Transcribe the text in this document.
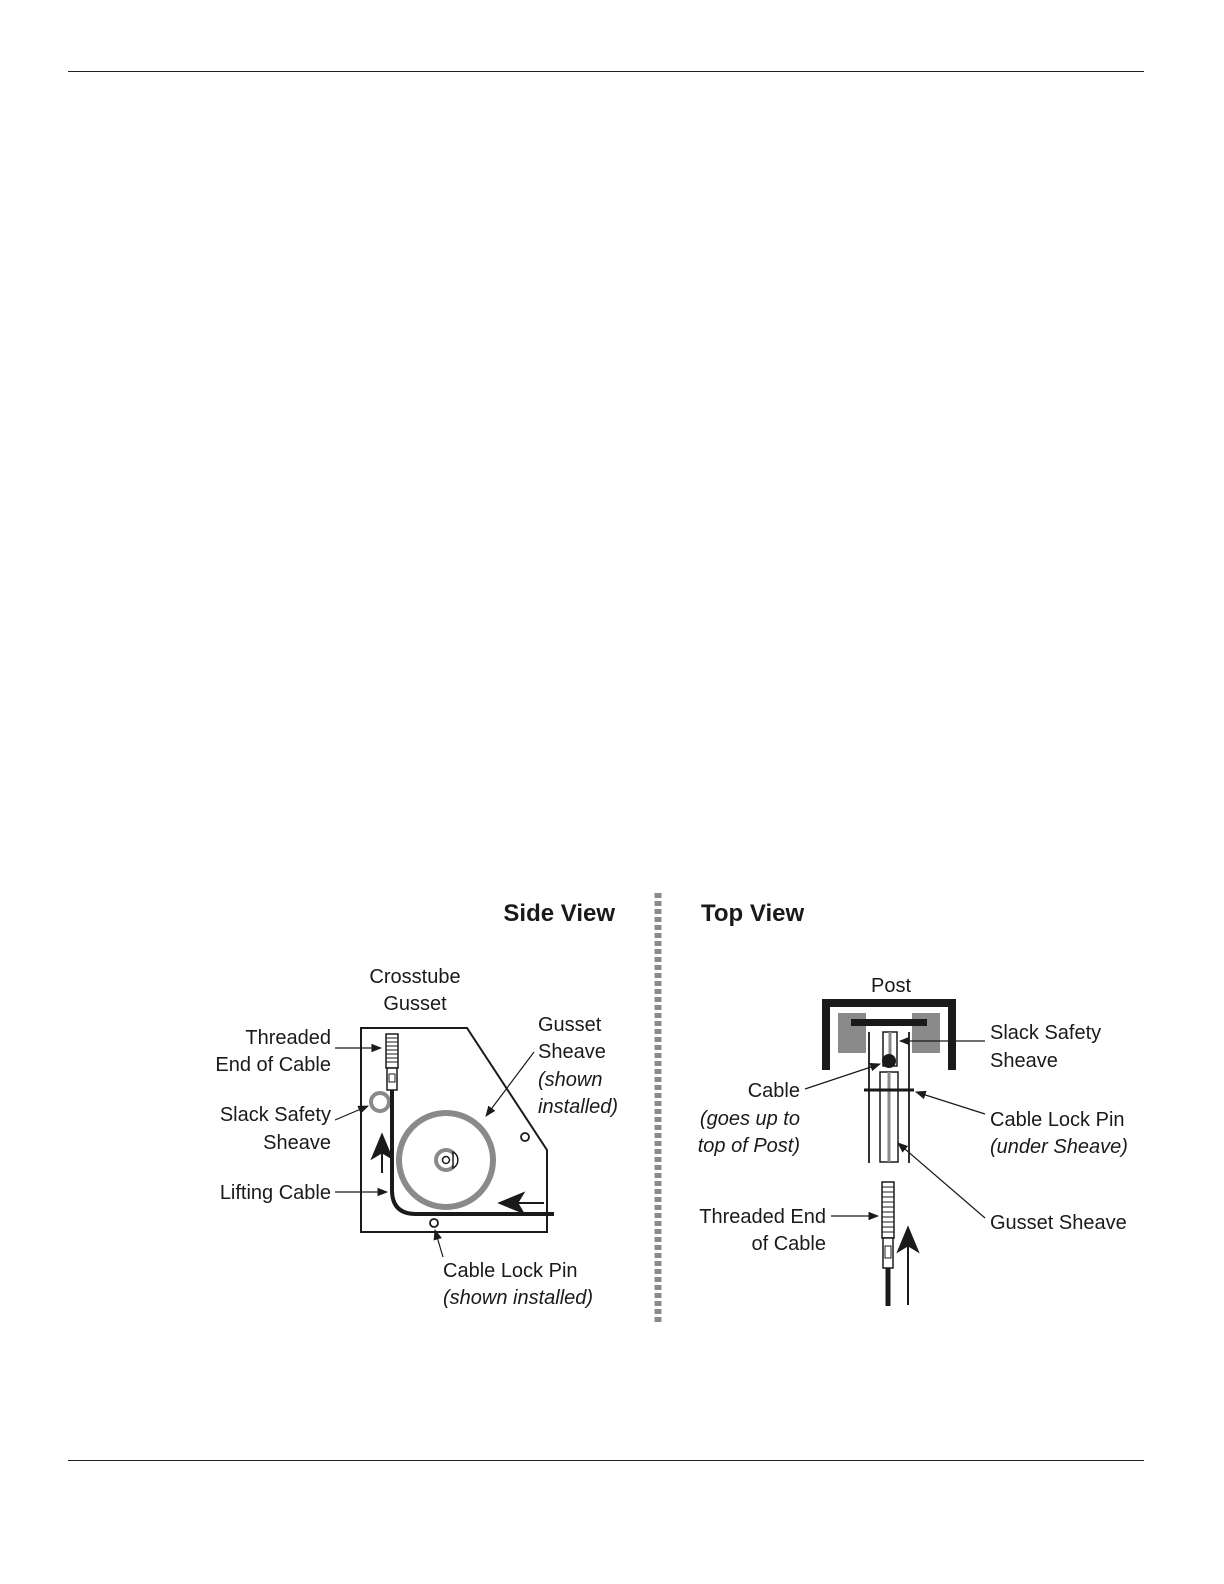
Side View
Crosstube
Gusset
Threaded
End of Cable
Slack Safety
Sheave
Lifting Cable
Gusset
Sheave
(shown
installed)
Cable Lock Pin
(shown installed)
Top View
Post
Slack Safety
Sheave
Cable
(goes up to
top of Post)
Cable Lock Pin
(under Sheave)
Gusset Sheave
Threaded End
of Cable
